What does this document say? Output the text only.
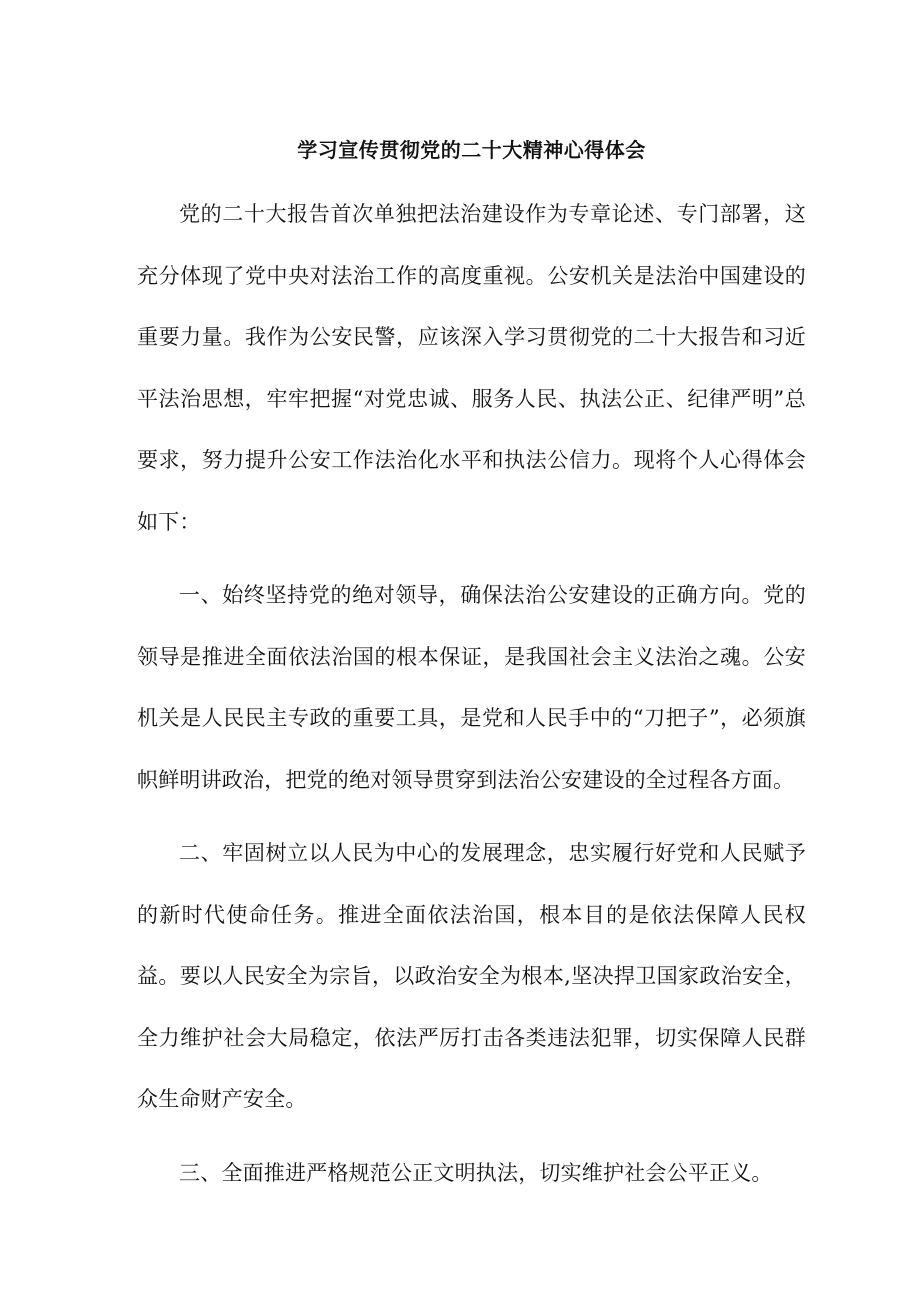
学习宣传贯彻党的二十大精神心得体会

党的二十大报告首次单独把法治建设作为专章论述、专门部署，这充分体现了党中央对法治工作的高度重视。公安机关是法治中国建设的重要力量。我作为公安民警，应该深入学习贯彻党的二十大报告和习近平法治思想，牢牢把握“对党忠诚、服务人民、执法公正、纪律严明”总要求，努力提升公安工作法治化水平和执法公信力。现将个人心得体会如下：

一、始终坚持党的绝对领导，确保法治公安建设的正确方向。党的领导是推进全面依法治国的根本保证，是我国社会主义法治之魂。公安机关是人民民主专政的重要工具，是党和人民手中的“刀把子”，必须旗帜鲜明讲政治，把党的绝对领导贯穿到法治公安建设的全过程各方面。

二、牢固树立以人民为中心的发展理念，忠实履行好党和人民赋予的新时代使命任务。推进全面依法治国，根本目的是依法保障人民权益。要以人民安全为宗旨，以政治安全为根本,坚决捍卫国家政治安全，全力维护社会大局稳定，依法严厉打击各类违法犯罪，切实保障人民群众生命财产安全。

三、全面推进严格规范公正文明执法，切实维护社会公平正义。
